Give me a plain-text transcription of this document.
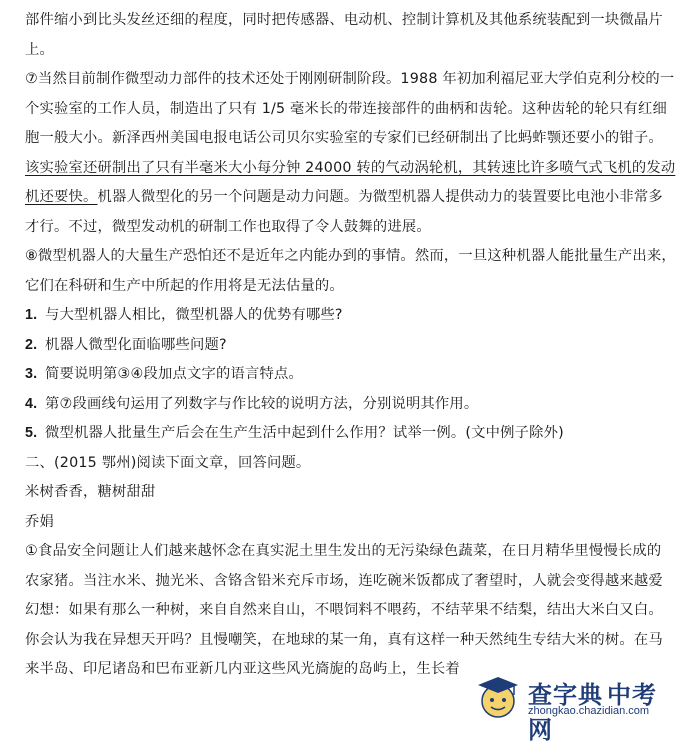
部件缩小到比头发丝还细的程度，同时把传感器、电动机、控制计算机及其他系统装配到一块微晶片
上。
⑦当然目前制作微型动力部件的技术还处于刚刚研制阶段。1988 年初加利福尼亚大学伯克利分校的一
个实验室的工作人员，制造出了只有 1/5 毫米长的带连接部件的曲柄和齿轮。这种齿轮的轮只有红细
胞一般大小。新泽西州美国电报电话公司贝尔实验室的专家们已经研制出了比蚂蚱颚还要小的钳子。
该实验室还研制出了只有半毫米大小每分钟 24000 转的气动涡轮机，其转速比许多喷气式飞机的发动
机还要快。机器人微型化的另一个问题是动力问题。为微型机器人提供动力的装置要比电池小非常多
才行。不过，微型发动机的研制工作也取得了令人鼓舞的进展。
⑧微型机器人的大量生产恐怕还不是近年之内能办到的事情。然而，一旦这种机器人能批量生产出来，
它们在科研和生产中所起的作用将是无法估量的。
1. 与大型机器人相比，微型机器人的优势有哪些?
2. 机器人微型化面临哪些问题?
3. 简要说明第③④段加点文字的语言特点。
4. 第⑦段画线句运用了列数字与作比较的说明方法，分别说明其作用。
5. 微型机器人批量生产后会在生产生活中起到什么作用？试举一例。(文中例子除外)
二、(2015 鄂州)阅读下面文章，回答问题。
米树香香，糖树甜甜
乔娟
①食品安全问题让人们越来越怀念在真实泥土里生发出的无污染绿色蔬菜，在日月精华里慢慢长成的
农家猪。当注水米、抛光米、含铬含铅米充斥市场，连吃碗米饭都成了奢望时，人就会变得越来越爱
幻想：如果有那么一种树，来自自然来自山，不喂饲料不喂药，不结苹果不结梨，结出大米白又白。
你会认为我在异想天开吗？且慢嘲笑，在地球的某一角，真有这样一种天然纯生专结大米的树。在马
来半岛、印尼诸岛和巴布亚新几内亚这些风光旖旎的岛屿上，生长着
查字典 中考网
zhongkao.chazidian.com
